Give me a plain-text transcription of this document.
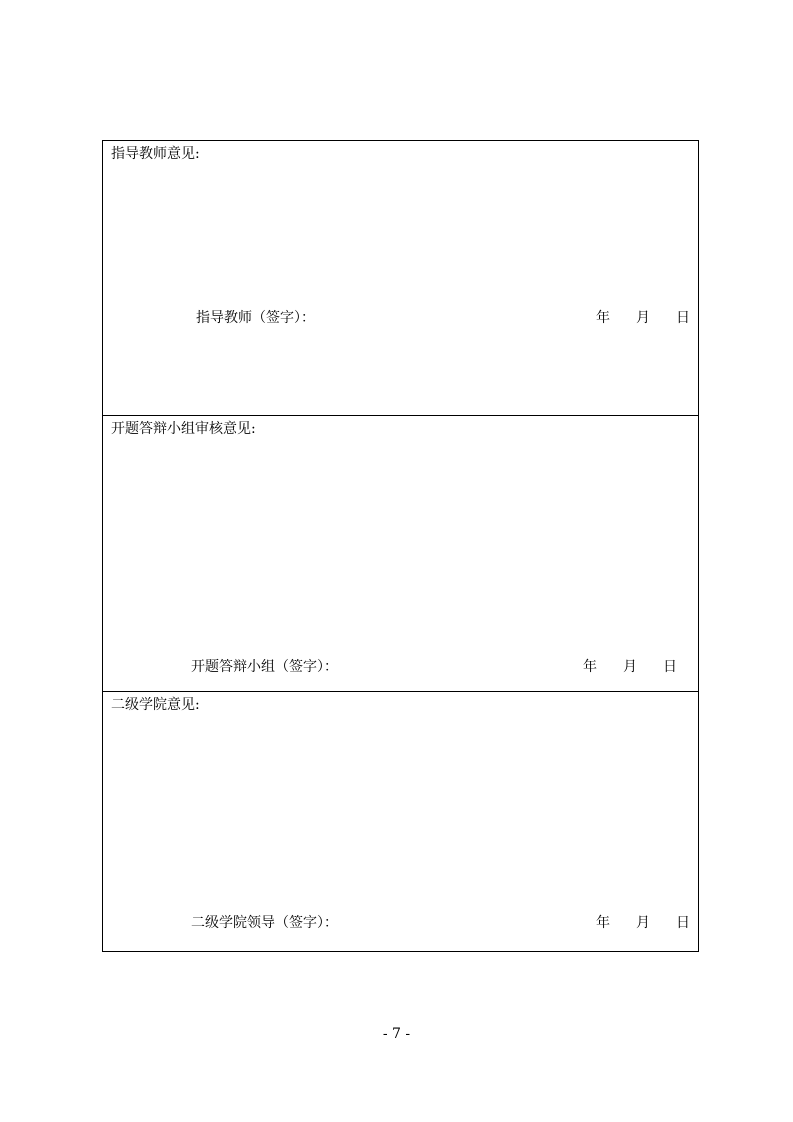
指导教师意见:
指导教师（签字）：	年 月 日
开题答辩小组审核意见:
开题答辩小组（签字）：	年 月 日
二级学院意见:
二级学院领导（签字）：	年 月 日
- 7 -
